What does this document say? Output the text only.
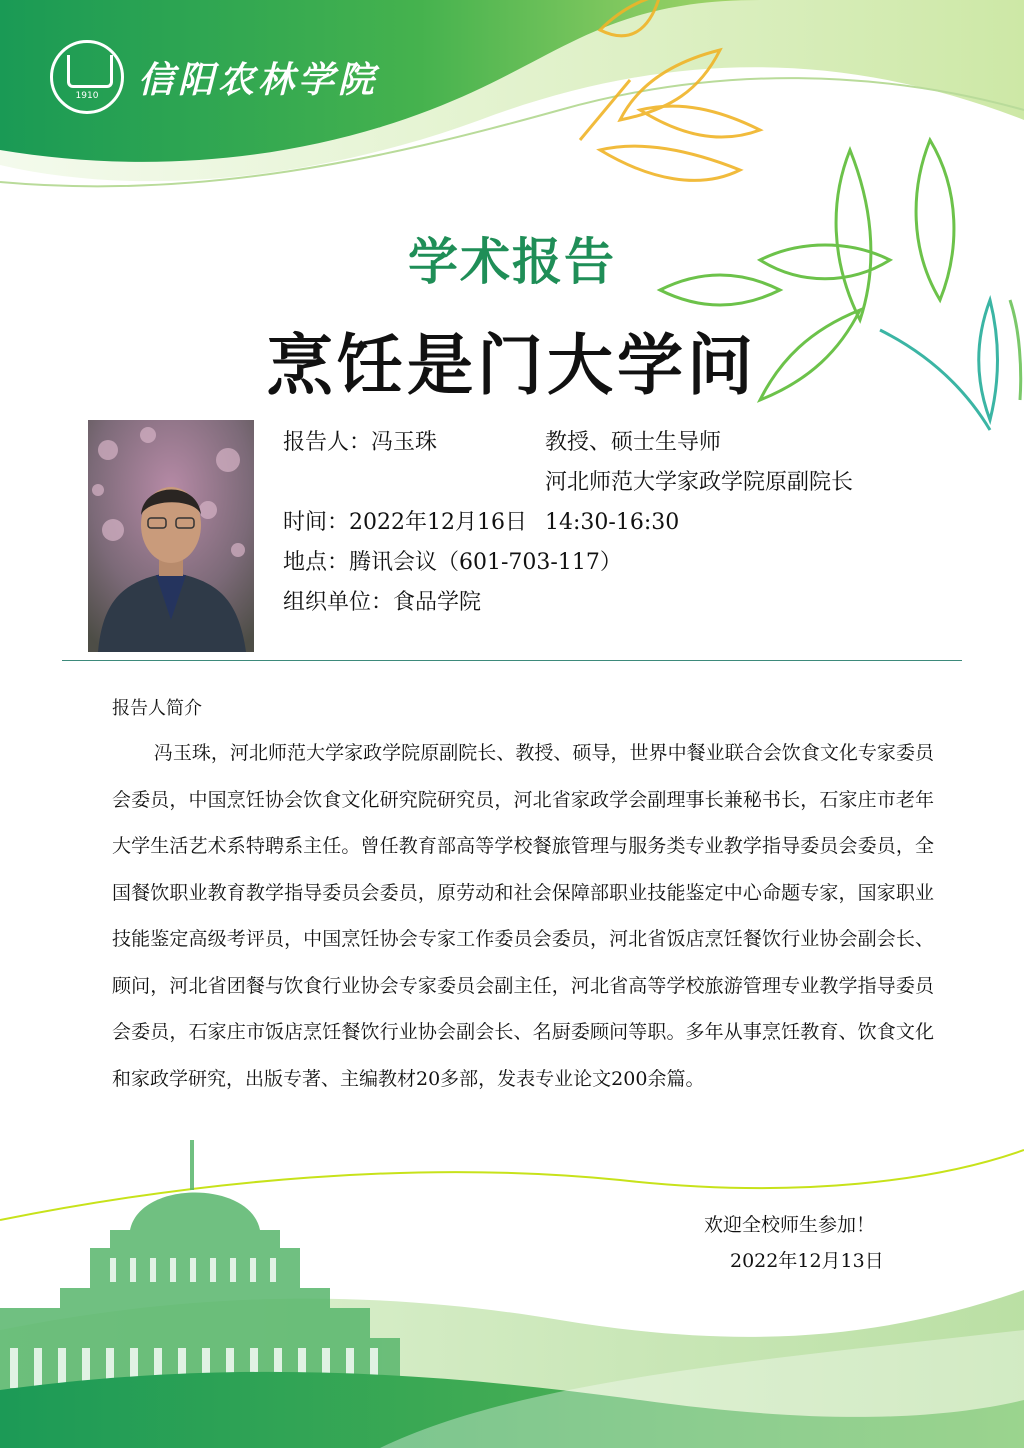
1910	信阳农林学院
学术报告
烹饪是门大学问
报告人：冯玉珠	教授、硕士生导师
河北师范大学家政学院原副院长
时间：2022年12月16日 14:30-16:30
地点：腾讯会议（601-703-117）
组织单位：食品学院
报告人简介
冯玉珠，河北师范大学家政学院原副院长、教授、硕导，世界中餐业联合会饮食文化专家委员会委员，中国烹饪协会饮食文化研究院研究员，河北省家政学会副理事长兼秘书长，石家庄市老年大学生活艺术系特聘系主任。曾任教育部高等学校餐旅管理与服务类专业教学指导委员会委员，全国餐饮职业教育教学指导委员会委员，原劳动和社会保障部职业技能鉴定中心命题专家，国家职业技能鉴定高级考评员，中国烹饪协会专家工作委员会委员，河北省饭店烹饪餐饮行业协会副会长、顾问，河北省团餐与饮食行业协会专家委员会副主任，河北省高等学校旅游管理专业教学指导委员会委员，石家庄市饭店烹饪餐饮行业协会副会长、名厨委顾问等职。多年从事烹饪教育、饮食文化和家政学研究，出版专著、主编教材20多部，发表专业论文200余篇。
欢迎全校师生参加！
2022年12月13日
